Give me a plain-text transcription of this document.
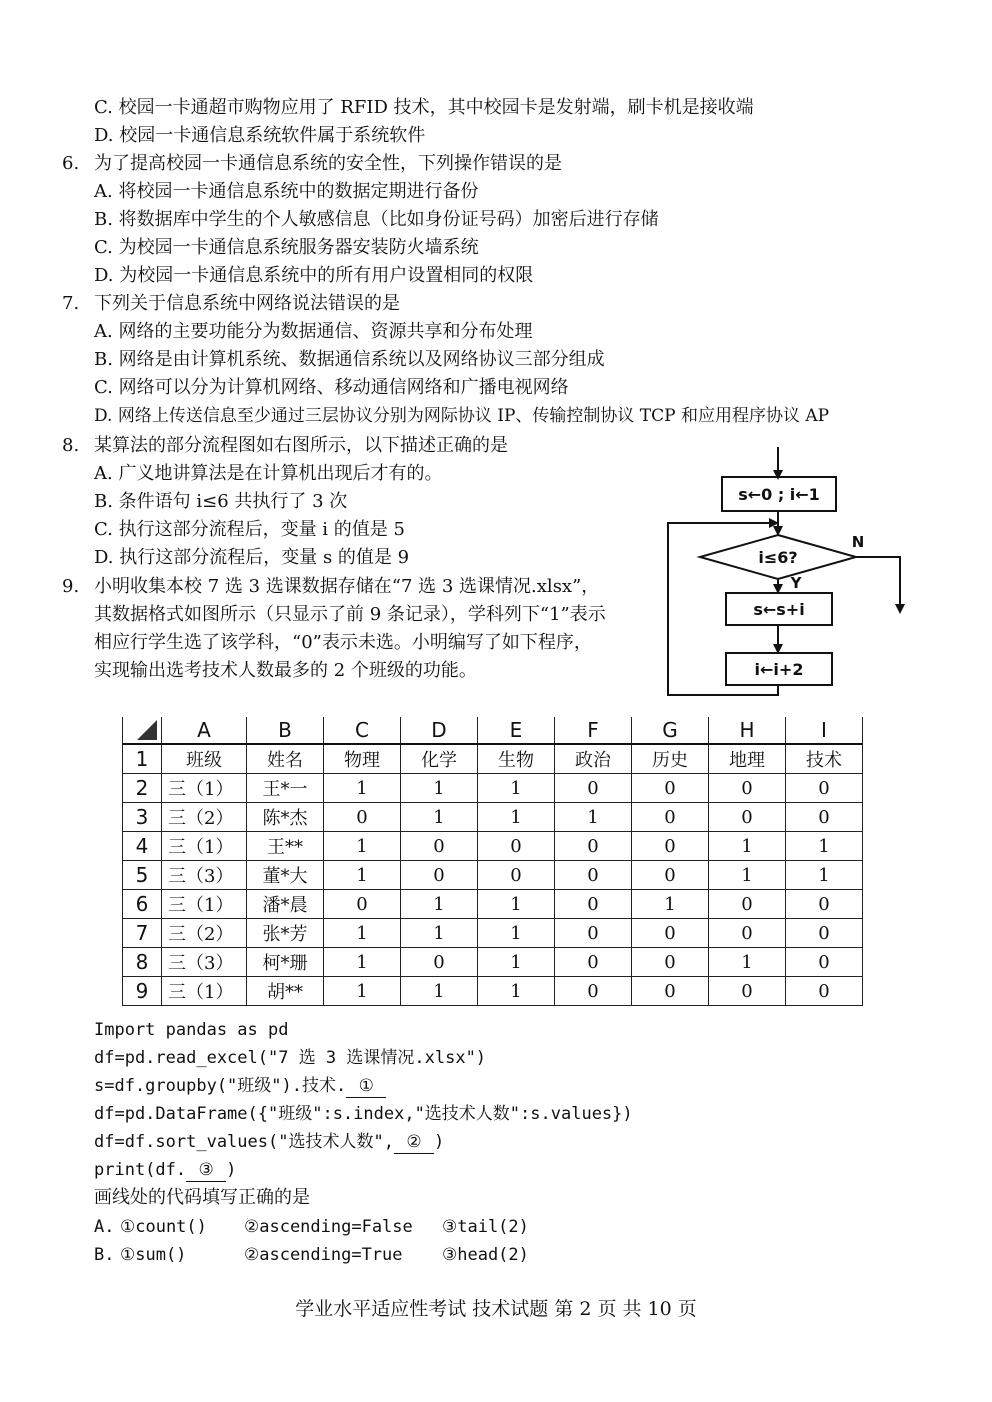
C. 校园一卡通超市购物应用了 RFID 技术，其中校园卡是发射端，刷卡机是接收端
D. 校园一卡通信息系统软件属于系统软件
6. 为了提高校园一卡通信息系统的安全性，下列操作错误的是
A. 将校园一卡通信息系统中的数据定期进行备份
B. 将数据库中学生的个人敏感信息（比如身份证号码）加密后进行存储
C. 为校园一卡通信息系统服务器安装防火墙系统
D. 为校园一卡通信息系统中的所有用户设置相同的权限
7. 下列关于信息系统中网络说法错误的是
A. 网络的主要功能分为数据通信、资源共享和分布处理
B. 网络是由计算机系统、数据通信系统以及网络协议三部分组成
C. 网络可以分为计算机网络、移动通信网络和广播电视网络
D. 网络上传送信息至少通过三层协议分别为网际协议 IP、传输控制协议 TCP 和应用程序协议 AP
8. 某算法的部分流程图如右图所示，以下描述正确的是
A. 广义地讲算法是在计算机出现后才有的。
B. 条件语句 i≤6 共执行了 3 次
C. 执行这部分流程后，变量 i 的值是 5
D. 执行这部分流程后，变量 s 的值是 9
s←0 ; i←1
i≤6?
s←s+i
i←i+2
Y
N
9. 小明收集本校 7 选 3 选课数据存储在“7 选 3 选课情况.xlsx”，其数据格式如图所示（只显示了前 9 条记录），学科列下“1”表示相应行学生选了该学科，“0”表示未选。小明编写了如下程序，实现输出选考技术人数最多的 2 个班级的功能。
	A	B	C	D	E	F	G	H	I
1	班级	姓名	物理	化学	生物	政治	历史	地理	技术
2	三（1）	王*一	1	1	1	0	0	0	0
3	三（2）	陈*杰	0	1	1	1	0	0	0
4	三（1）	王**	1	0	0	0	0	1	1
5	三（3）	董*大	1	0	0	0	0	1	1
6	三（1）	潘*晨	0	1	1	0	1	0	0
7	三（2）	张*芳	1	1	1	0	0	0	0
8	三（3）	柯*珊	1	0	1	0	0	1	0
9	三（1）	胡**	1	1	1	0	0	0	0
Import pandas as pd
df=pd.read_excel("7 选 3 选课情况.xlsx")
s=df.groupby("班级").技术. ①
df=pd.DataFrame({"班级":s.index,"选技术人数":s.values})
df=df.sort_values("选技术人数", ② )
print(df. ③ )
画线处的代码填写正确的是
A. ①count() ②ascending=False ③tail(2)
B. ①sum()	②ascending=True ③head(2)
学业水平适应性考试 技术试题 第 2 页 共 10 页
